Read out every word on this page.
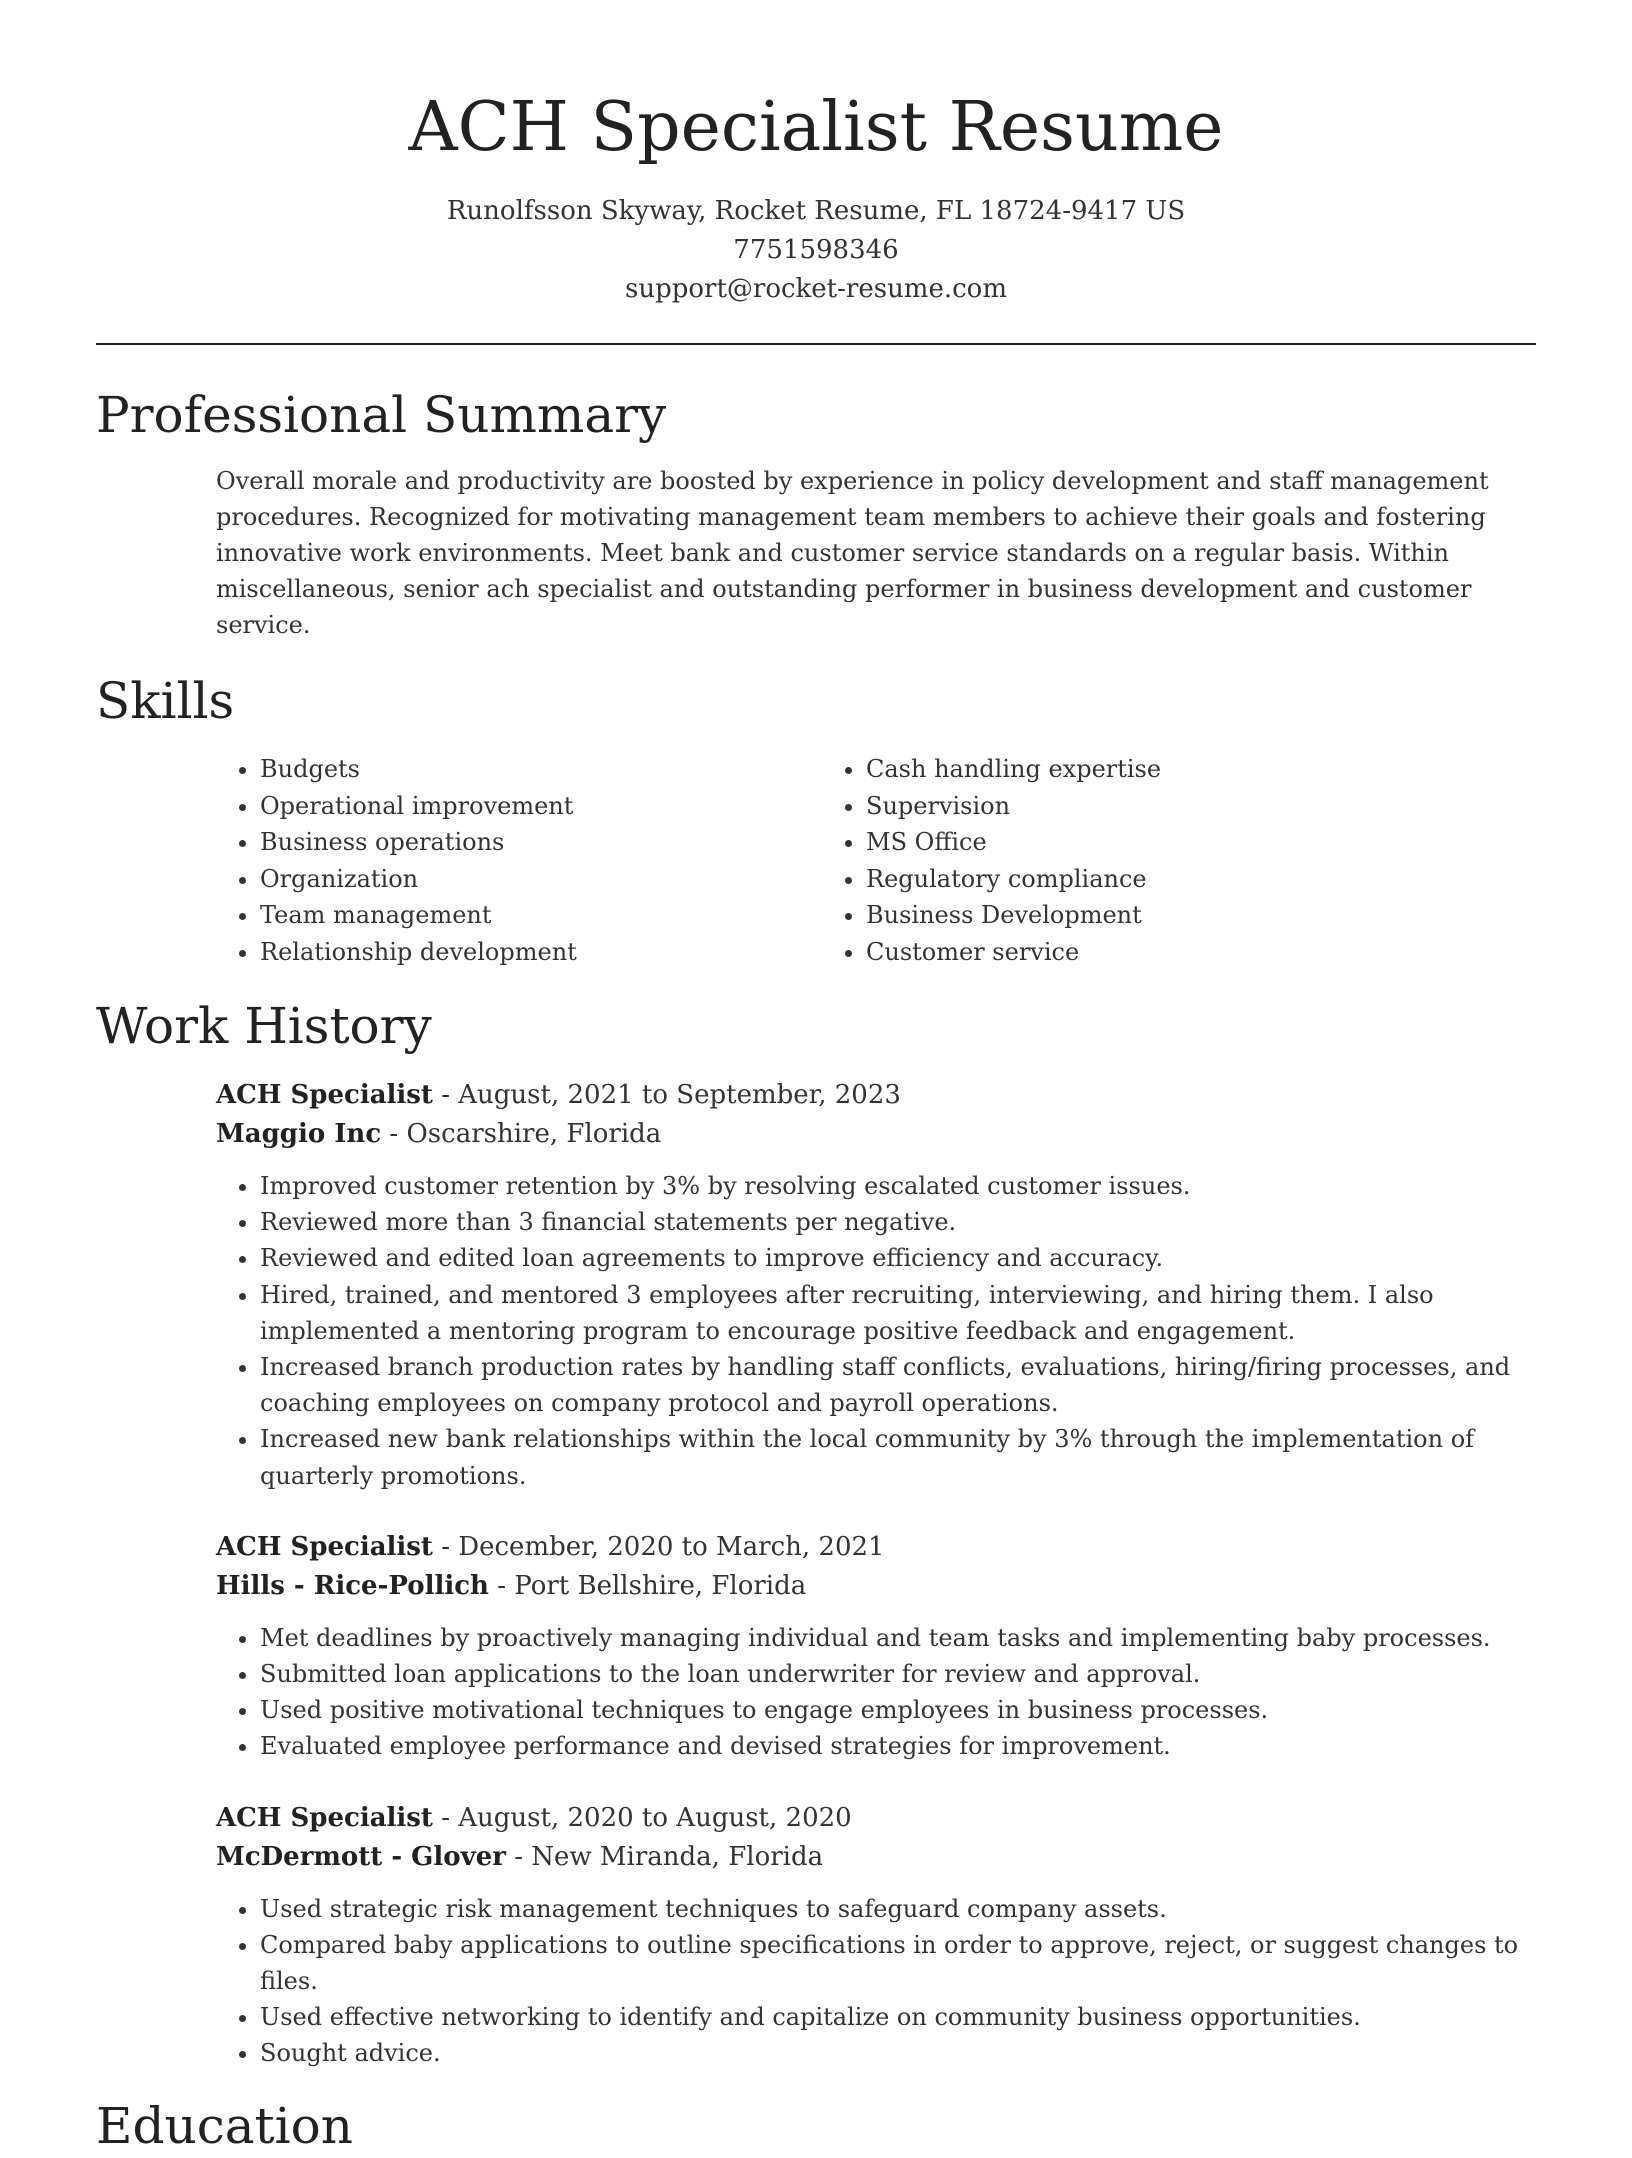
ACH Specialist Resume
Runolfsson Skyway, Rocket Resume, FL 18724-9417 US
7751598346
support@rocket-resume.com
Professional Summary
Overall morale and productivity are boosted by experience in policy development and staff management procedures. Recognized for motivating management team members to achieve their goals and fostering innovative work environments. Meet bank and customer service standards on a regular basis. Within miscellaneous, senior ach specialist and outstanding performer in business development and customer service.
Skills
• Budgets
• Operational improvement
• Business operations
• Organization
• Team management
• Relationship development
• Cash handling expertise
• Supervision
• MS Office
• Regulatory compliance
• Business Development
• Customer service
Work History
ACH Specialist - August, 2021 to September, 2023
Maggio Inc - Oscarshire, Florida
• Improved customer retention by 3% by resolving escalated customer issues.
• Reviewed more than 3 financial statements per negative.
• Reviewed and edited loan agreements to improve efficiency and accuracy.
• Hired, trained, and mentored 3 employees after recruiting, interviewing, and hiring them. I also implemented a mentoring program to encourage positive feedback and engagement.
• Increased branch production rates by handling staff conflicts, evaluations, hiring/firing processes, and coaching employees on company protocol and payroll operations.
• Increased new bank relationships within the local community by 3% through the implementation of quarterly promotions.
ACH Specialist - December, 2020 to March, 2021
Hills - Rice-Pollich - Port Bellshire, Florida
• Met deadlines by proactively managing individual and team tasks and implementing baby processes.
• Submitted loan applications to the loan underwriter for review and approval.
• Used positive motivational techniques to engage employees in business processes.
• Evaluated employee performance and devised strategies for improvement.
ACH Specialist - August, 2020 to August, 2020
McDermott - Glover - New Miranda, Florida
• Used strategic risk management techniques to safeguard company assets.
• Compared baby applications to outline specifications in order to approve, reject, or suggest changes to files.
• Used effective networking to identify and capitalize on community business opportunities.
• Sought advice.
Education
